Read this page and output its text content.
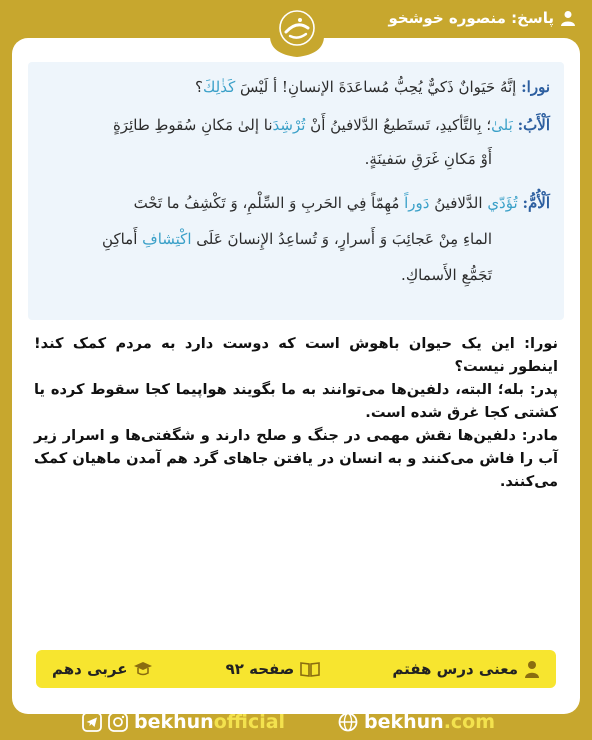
پاسخ: منصوره خوشخو
نورا: إنَّهُ حَيَوانٌ ذَكيٌّ يُحِبُّ مُساعَدَةَ الإنسانِ! أ لَيْسَ كَذٰلِكَ؟
اَلْأَبُ: بَلیٰ؛ بِالتَّأكيدِ، تَستَطيعُ الدَّلافينُ أَنْ تُرْشِدَنا إلیٰ مَكانِ سُقوطِ طائِرَةٍ
أَوْ مَكانِ غَرَقِ سَفينَةٍ.
اَلْأُمُّ: تُؤَدّي الدَّلافينُ دَوراً مُهِمّاً فِي الحَربِ وَ السِّلْمِ، وَ تَكْشِفُ ما تَحْتَ
الماءِ مِنْ عَجائِبَ وَ أَسرارٍ، وَ تُساعِدُ الإِنسانَ عَلَى اکْتِشافِ أَماكِنِ
تَجَمُّعِ الأَسماكِ.

نورا: این یک حیوان باهوش است که دوست دارد به مردم کمک کند! اینطور نیست؟

پدر: بله؛ البته، دلفین‌ها می‌توانند به ما بگویند هواپیما کجا سقوط کرده یا کشتی کجا غرق شده است.

مادر: دلفین‌ها نقش مهمی در جنگ و صلح دارند و شگفتی‌ها و اسرار زیر آب را فاش می‌کنند و به انسان در یافتن جاهای گرد هم آمدن ماهیان کمک می‌کنند.

معنی درس هفتم
صفحه ۹۲
عربی دهم
bekhun official	bekhun .com
